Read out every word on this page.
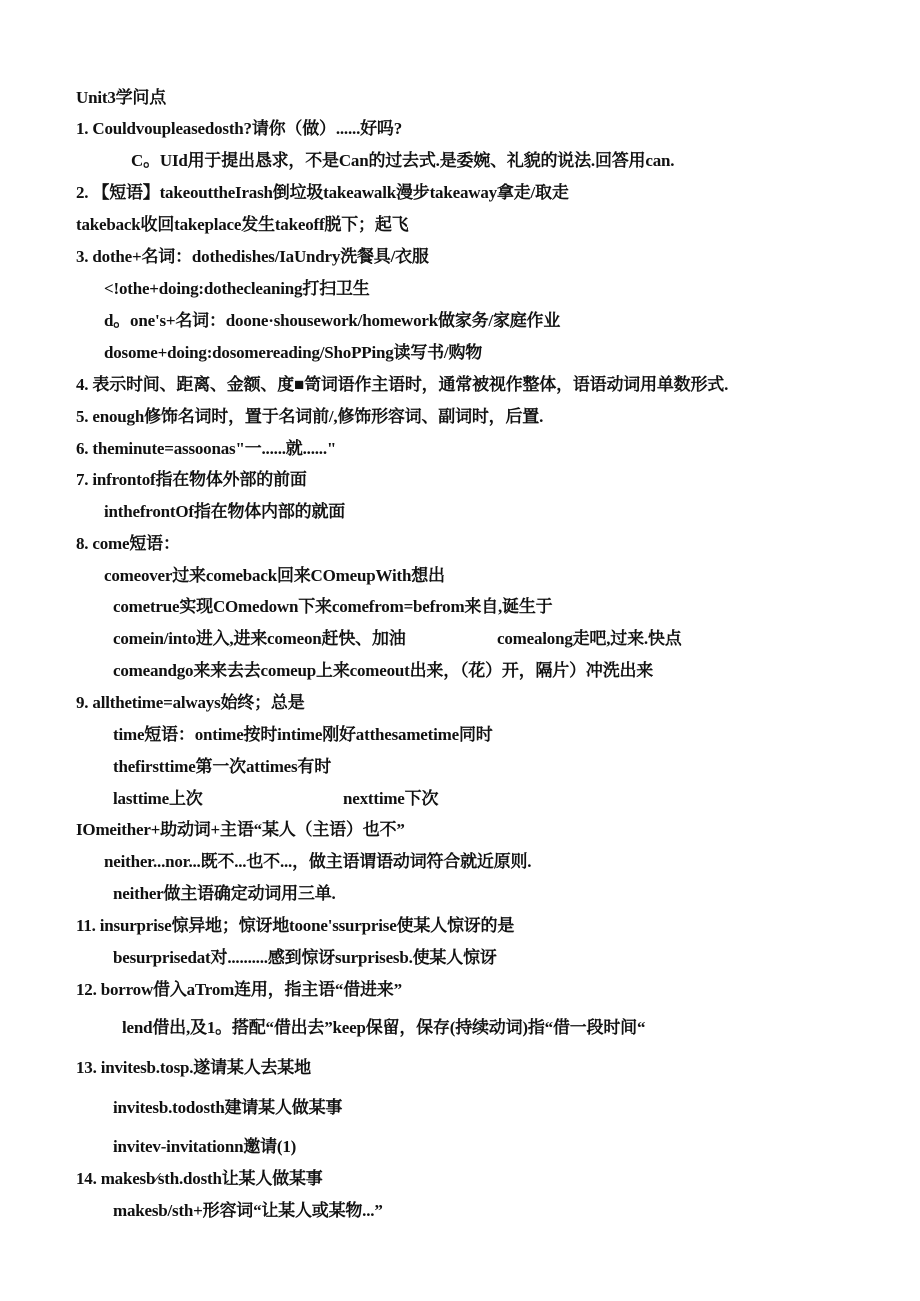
Unit3学问点
1. Couldvoupleasedosth?请你（做）......好吗?
C。UId用于提出恳求，不是Can的过去式.是委婉、礼貌的说法.回答用can.
2. 【短语】takeouttheIrash倒垃圾takeawalk漫步takeaway拿走/取走
takeback收回takeplace发生takeoff脱下；起飞
3. dothe+名词：dothedishes/IaUndry洗餐具/衣服
<!othe+doing:dothecleaning打扫卫生
d。one's+名词：doone·shousework/homework做家务/家庭作业
dosome+doing:dosomereading/ShoPPing读写书/购物
4. 表示时间、距离、金额、度■笥词语作主语时，通常被视作整体，语语动词用单数形式.
5. enough修饰名词时，置于名词前/,修饰形容词、副词时，后置.
6. theminute=assoonas"一......就......"
7. infrontof指在物体外部的前面
inthefrontOf指在物体内部的就面
8. come短语：
comeover过来comeback回来COmeupWith想出
cometrue实现COmedown下来comefrom=befrom来自,诞生于
comein/into进入,进来comeon赶快、加油	comealong走吧,过来.快点
comeandgo来来去去comeup上来comeout出来，（花）开，隔片）冲洗出来
9. allthetime=always始终；总是
time短语：ontime按时intime刚好atthesametime同时
thefirsttime第一次attimes有时
lasttime上次	nexttime下次
IOmeither+助动词+主语“某人（主语）也不”
neither...nor...既不...也不...，做主语谓语动词符合就近原则.
neither做主语确定动词用三单.
11. insurprise惊异地；惊讶地toone'ssurprise使某人惊讶的是
besurprisedat对..........感到惊讶surprisesb.使某人惊讶
12. borrow借入aTrom连用，指主语“借进来”
lend借出,及1。搭配“借出去”keep保留，保存(持续动词)指“借一段时间“
13. invitesb.tosp.遂请某人去某地
invitesb.todosth建请某人做某事
invitev-invitationn邀请(1)
14. makesb⁄sth.dosth让某人做某事
makesb/sth+形容词“让某人或某物...”
